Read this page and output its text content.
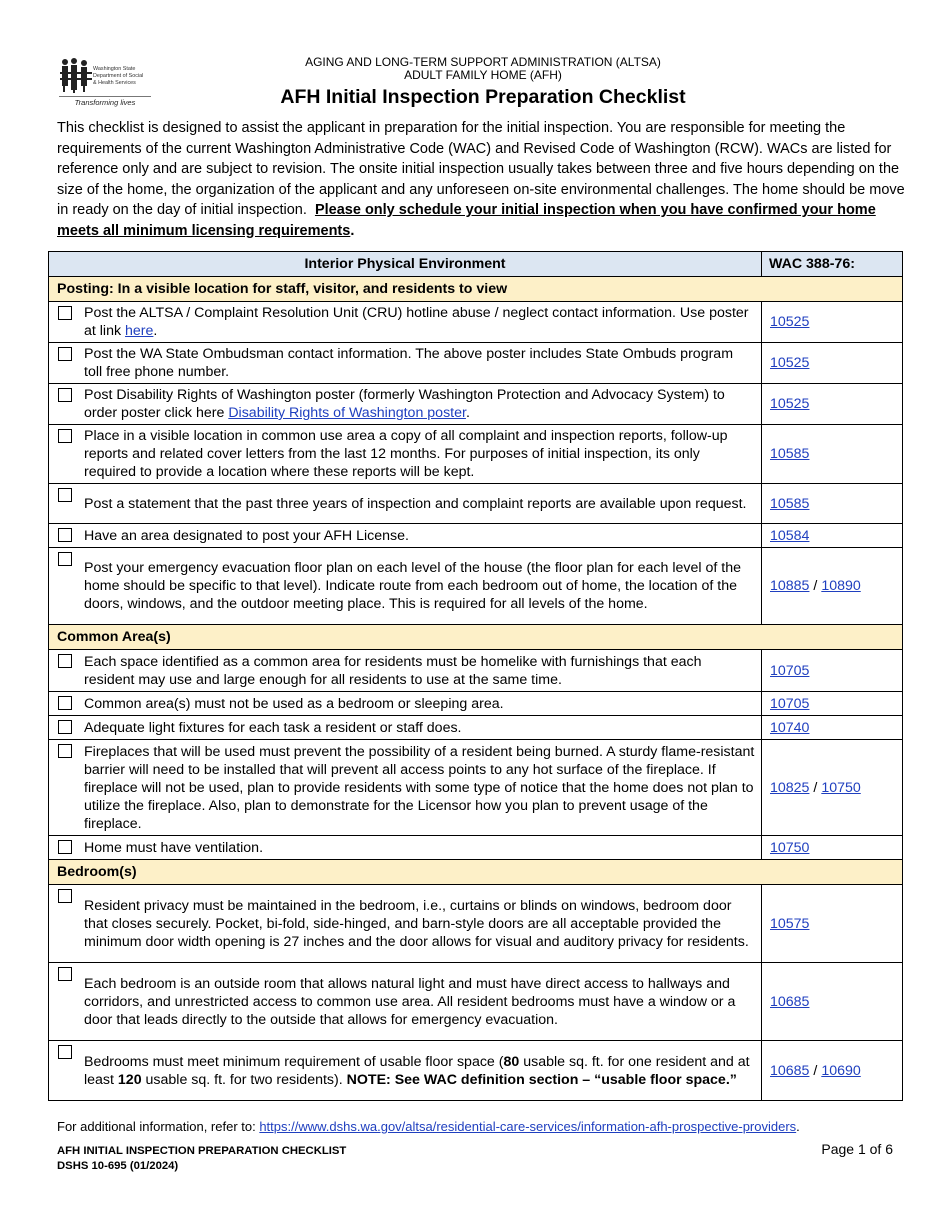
Washington State
Department of Social
& Health Services
Transforming lives
AGING AND LONG-TERM SUPPORT ADMINISTRATION (ALTSA)
ADULT FAMILY HOME (AFH)
AFH Initial Inspection Preparation Checklist
This checklist is designed to assist the applicant in preparation for the initial inspection. You are responsible for meeting the requirements of the current Washington Administrative Code (WAC) and Revised Code of Washington (RCW). WACs are listed for reference only and are subject to revision. The onsite initial inspection usually takes between three and five hours depending on the size of the home, the organization of the applicant and any unforeseen on-site environmental challenges. The home should be move in ready on the day of initial inspection. Please only schedule your initial inspection when you have confirmed your home meets all minimum licensing requirements.
Interior Physical Environment	WAC 388-76:
Posting: In a visible location for staff, visitor, and residents to view	

Post the ALTSA / Complaint Resolution Unit (CRU) hotline abuse / neglect contact information. Use poster at link here.	10525

Post the WA State Ombudsman contact information. The above poster includes State Ombuds program toll free phone number.	10525

Post Disability Rights of Washington poster (formerly Washington Protection and Advocacy System) to order poster click here Disability Rights of Washington poster.	10525

Place in a visible location in common use area a copy of all complaint and inspection reports, follow-up reports and related cover letters from the last 12 months. For purposes of initial inspection, its only required to provide a location where these reports will be kept.	10585

Post a statement that the past three years of inspection and complaint reports are available upon request.	10585

Have an area designated to post your AFH License.	10584

Post your emergency evacuation floor plan on each level of the house (the floor plan for each level of the home should be specific to that level). Indicate route from each bedroom out of home, the location of the doors, windows, and the outdoor meeting place. This is required for all levels of the home.	10885 / 10890
Common Area(s)	

Each space identified as a common area for residents must be homelike with furnishings that each resident may use and large enough for all residents to use at the same time.	10705

Common area(s) must not be used as a bedroom or sleeping area.	10705

Adequate light fixtures for each task a resident or staff does.	10740

Fireplaces that will be used must prevent the possibility of a resident being burned. A sturdy flame-resistant barrier will need to be installed that will prevent all access points to any hot surface of the fireplace. If fireplace will not be used, plan to provide residents with some type of notice that the home does not plan to utilize the fireplace. Also, plan to demonstrate for the Licensor how you plan to prevent usage of the fireplace.	10825 / 10750

Home must have ventilation.	10750
Bedroom(s)	

Resident privacy must be maintained in the bedroom, i.e., curtains or blinds on windows, bedroom door that closes securely. Pocket, bi-fold, side-hinged, and barn-style doors are all acceptable provided the minimum door width opening is 27 inches and the door allows for visual and auditory privacy for residents.	10575

Each bedroom is an outside room that allows natural light and must have direct access to hallways and corridors, and unrestricted access to common use area. All resident bedrooms must have a window or a door that leads directly to the outside that allows for emergency evacuation.	10685

Bedrooms must meet minimum requirement of usable floor space (80 usable sq. ft. for one resident and at least 120 usable sq. ft. for two residents). NOTE: See WAC definition section – “usable floor space.”	10685 / 10690
For additional information, refer to: https://www.dshs.wa.gov/altsa/residential-care-services/information-afh-prospective-providers.
AFH INITIAL INSPECTION PREPARATION CHECKLIST
DSHS 10-695 (01/2024)
Page 1 of 6
